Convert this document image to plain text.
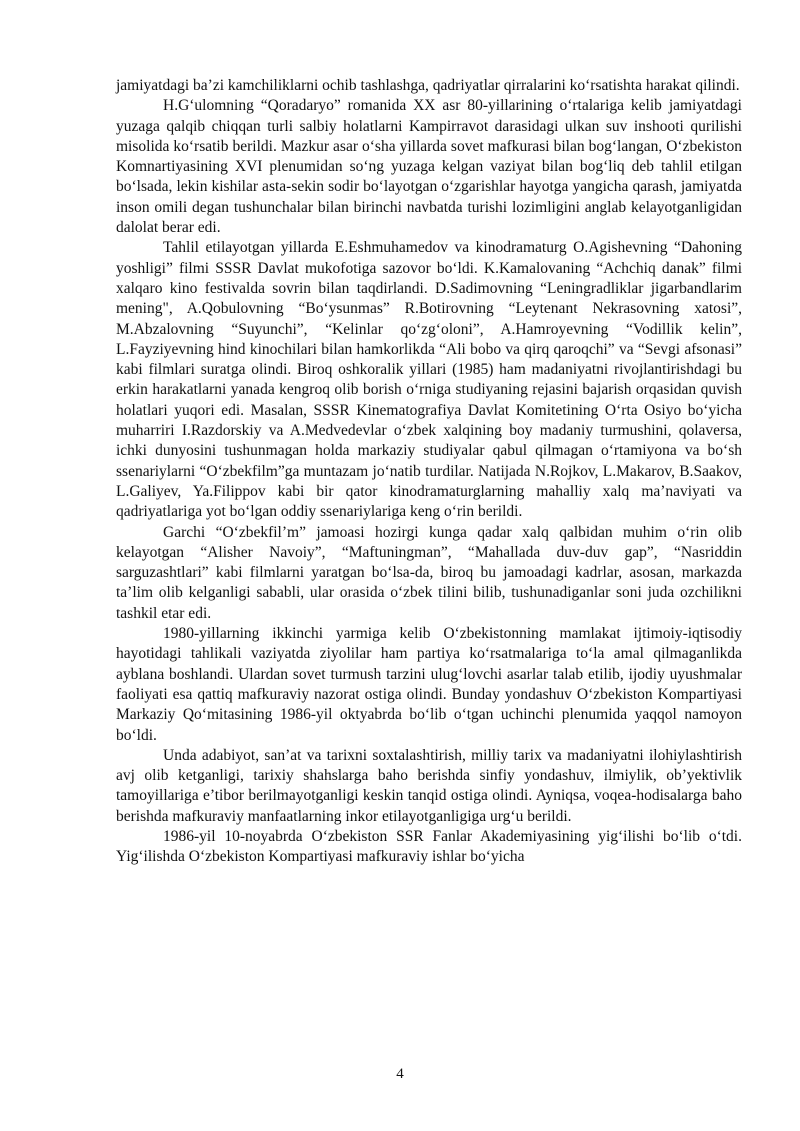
jamiyatdagi ba’zi kamchiliklarni ochib tashlashga, qadriyatlar qirralarini ko‘rsatishta harakat qilindi.

H.G‘ulomning “Qoradaryo” romanida XX asr 80-yillarining o‘rtalariga kelib jamiyatdagi yuzaga qalqib chiqqan turli salbiy holatlarni Kampirravot darasidagi ulkan suv inshooti qurilishi misolida ko‘rsatib berildi. Mazkur asar o‘sha yillarda sovet mafkurasi bilan bog‘langan, O‘zbekiston Komnartiyasining XVI plenumidan so‘ng yuzaga kelgan vaziyat bilan bog‘liq deb tahlil etilgan bo‘lsada, lekin kishilar asta-sekin sodir bo‘layotgan o‘zgarishlar hayotga yangicha qarash, jamiyatda inson omili degan tushunchalar bilan birinchi navbatda turishi lozimligini anglab kelayotganligidan dalolat berar edi.

Tahlil etilayotgan yillarda E.Eshmuhamedov va kinodramaturg O.Agishevning “Dahoning yoshligi” filmi SSSR Davlat mukofotiga sazovor bo‘ldi. K.Kamalovaning “Achchiq danak” filmi xalqaro kino festivalda sovrin bilan taqdirlandi. D.Sadimovning “Leningradliklar jigarbandlarim mening", A.Qobulovning “Bo‘ysunmas” R.Botirovning “Leytenant Nekrasovning xatosi”, M.Abzalovning “Suyunchi”, “Kelinlar qo‘zg‘oloni”, A.Hamroyevning “Vodillik kelin”, L.Fayziyevning hind kinochilari bilan hamkorlikda “Ali bobo va qirq qaroqchi” va “Sevgi afsonasi” kabi filmlari suratga olindi. Biroq oshkoralik yillari (1985) ham madaniyatni rivojlantirishdagi bu erkin harakatlarni yanada kengroq olib borish o‘rniga studiyaning rejasini bajarish orqasidan quvish holatlari yuqori edi. Masalan, SSSR Kinematografiya Davlat Komitetining O‘rta Osiyo bo‘yicha muharriri I.Razdorskiy va A.Medvedevlar o‘zbek xalqining boy madaniy turmushini, qolaversa, ichki dunyosini tushunmagan holda markaziy studiyalar qabul qilmagan o‘rtamiyona va bo‘sh ssenariylarni “O‘zbekfilm”ga muntazam jo‘natib turdilar. Natijada N.Rojkov, L.Makarov, B.Saakov, L.Galiyev, Ya.Filippov kabi bir qator kinodramaturglarning mahalliy xalq ma’naviyati va qadriyatlariga yot bo‘lgan oddiy ssenariylariga keng o‘rin berildi.

Garchi “O‘zbekfil’m” jamoasi hozirgi kunga qadar xalq qalbidan muhim o‘rin olib kelayotgan “Alisher Navoiy”, “Maftuningman”, “Mahallada duv-duv gap”, “Nasriddin sarguzashtlari” kabi filmlarni yaratgan bo‘lsa-da, biroq bu jamoadagi kadrlar, asosan, markazda ta’lim olib kelganligi sababli, ular orasida o‘zbek tilini bilib, tushunadiganlar soni juda ozchilikni tashkil etar edi.

1980-yillarning ikkinchi yarmiga kelib O‘zbekistonning mamlakat ijtimoiy-iqtisodiy hayotidagi tahlikali vaziyatda ziyolilar ham partiya ko‘rsatmalariga to‘la amal qilmaganlikda ayblana boshlandi. Ulardan sovet turmush tarzini ulug‘lovchi asarlar talab etilib, ijodiy uyushmalar faoliyati esa qattiq mafkuraviy nazorat ostiga olindi. Bunday yondashuv O‘zbekiston Kompartiyasi Markaziy Qo‘mitasining 1986-yil oktyabrda bo‘lib o‘tgan uchinchi plenumida yaqqol namoyon bo‘ldi.

Unda adabiyot, san’at va tarixni soxtalashtirish, milliy tarix va madaniyatni ilohiylashtirish avj olib ketganligi, tarixiy shahslarga baho berishda sinfiy yondashuv, ilmiylik, ob’yektivlik tamoyillariga e’tibor berilmayotganligi keskin tanqid ostiga olindi. Ayniqsa, voqea-hodisalarga baho berishda mafkuraviy manfaatlarning inkor etilayotganligiga urg‘u berildi.

1986-yil 10-noyabrda O‘zbekiston SSR Fanlar Akademiyasining yig‘ilishi bo‘lib o‘tdi. Yig‘ilishda O‘zbekiston Kompartiyasi mafkuraviy ishlar bo‘yicha

4
